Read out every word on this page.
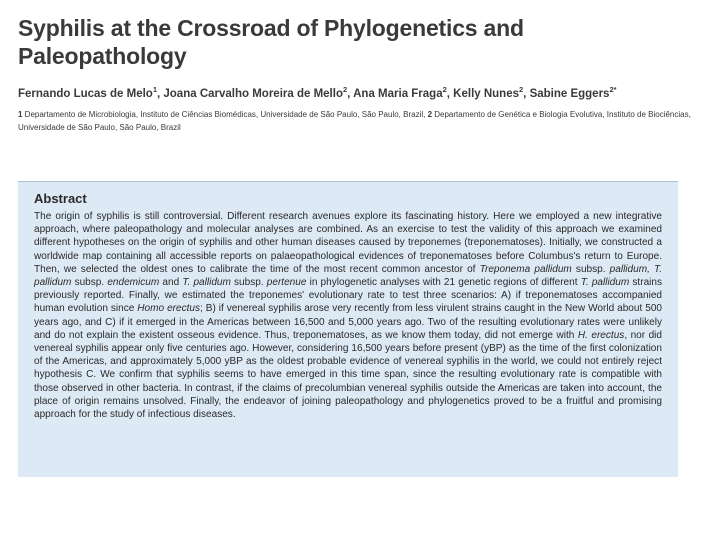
Syphilis at the Crossroad of Phylogenetics and Paleopathology
Fernando Lucas de Melo$^1$, Joana Carvalho Moreira de Mello$^2$, Ana Maria Fraga$^2$, Kelly Nunes$^2$, Sabine Eggers$^{2*}$
1 Departamento de Microbiologia, Instituto de Ciências Biomédicas, Universidade de São Paulo, São Paulo, Brazil, 2 Departamento de Genética e Biologia Evolutiva, Instituto de Biociências, Universidade de São Paulo, São Paulo, Brazil
Abstract
The origin of syphilis is still controversial. Different research avenues explore its fascinating history. Here we employed a new integrative approach, where paleopathology and molecular analyses are combined. As an exercise to test the validity of this approach we examined different hypotheses on the origin of syphilis and other human diseases caused by treponemes (treponematoses). Initially, we constructed a worldwide map containing all accessible reports on palaeopathological evidences of treponematoses before Columbus's return to Europe. Then, we selected the oldest ones to calibrate the time of the most recent common ancestor of Treponema pallidum subsp. pallidum, T. pallidum subsp. endemicum and T. pallidum subsp. pertenue in phylogenetic analyses with 21 genetic regions of different T. pallidum strains previously reported. Finally, we estimated the treponemes' evolutionary rate to test three scenarios: A) if treponematoses accompanied human evolution since Homo erectus; B) if venereal syphilis arose very recently from less virulent strains caught in the New World about 500 years ago, and C) if it emerged in the Americas between 16,500 and 5,000 years ago. Two of the resulting evolutionary rates were unlikely and do not explain the existent osseous evidence. Thus, treponematoses, as we know them today, did not emerge with H. erectus, nor did venereal syphilis appear only five centuries ago. However, considering 16,500 years before present (yBP) as the time of the first colonization of the Americas, and approximately 5,000 yBP as the oldest probable evidence of venereal syphilis in the world, we could not entirely reject hypothesis C. We confirm that syphilis seems to have emerged in this time span, since the resulting evolutionary rate is compatible with those observed in other bacteria. In contrast, if the claims of precolumbian venereal syphilis outside the Americas are taken into account, the place of origin remains unsolved. Finally, the endeavor of joining paleopathology and phylogenetics proved to be a fruitful and promising approach for the study of infectious diseases.
